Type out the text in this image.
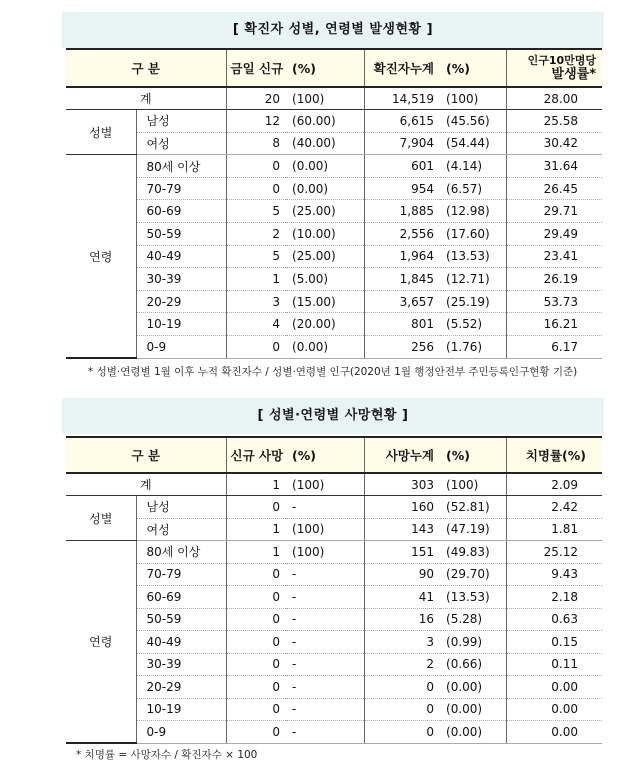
[ 확진자 성별, 연령별 발생현황 ]
구 분		금일 신규	(%)	확진자누계	(%)	인구10만명당
발생률*

계		20	(100)	14,519	(100)	28.00
성별	남성	12	(60.00)	6,615	(45.56)	25.58
	여성	8	(40.00)	7,904	(54.44)	30.42
연령	80세 이상	0	(0.00)	601	(4.14)	31.64
	70-79	0	(0.00)	954	(6.57)	26.45
	60-69	5	(25.00)	1,885	(12.98)	29.71
	50-59	2	(10.00)	2,556	(17.60)	29.49
	40-49	5	(25.00)	1,964	(13.53)	23.41
	30-39	1	(5.00)	1,845	(12.71)	26.19
	20-29	3	(15.00)	3,657	(25.19)	53.73
	10-19	4	(20.00)	801	(5.52)	16.21
	0-9	0	(0.00)	256	(1.76)	6.17
* 성별·연령별 1월 이후 누적 확진자수 / 성별·연령별 인구(2020년 1월 행정안전부 주민등록인구현황 기준)
[ 성별·연령별 사망현황 ]
구 분		신규 사망	(%)	사망누계	(%)	치명률(%)
계		1	(100)	303	(100)	2.09
성별	남성	0	-	160	(52.81)	2.42
	여성	1	(100)	143	(47.19)	1.81
연령	80세 이상	1	(100)	151	(49.83)	25.12
	70-79	0	-	90	(29.70)	9.43
	60-69	0	-	41	(13.53)	2.18
	50-59	0	-	16	(5.28)	0.63
	40-49	0	-	3	(0.99)	0.15
	30-39	0	-	2	(0.66)	0.11
	20-29	0	-	0	(0.00)	0.00
	10-19	0	-	0	(0.00)	0.00
	0-9	0	-	0	(0.00)	0.00
* 치명률 = 사망자수 / 확진자수 × 100
